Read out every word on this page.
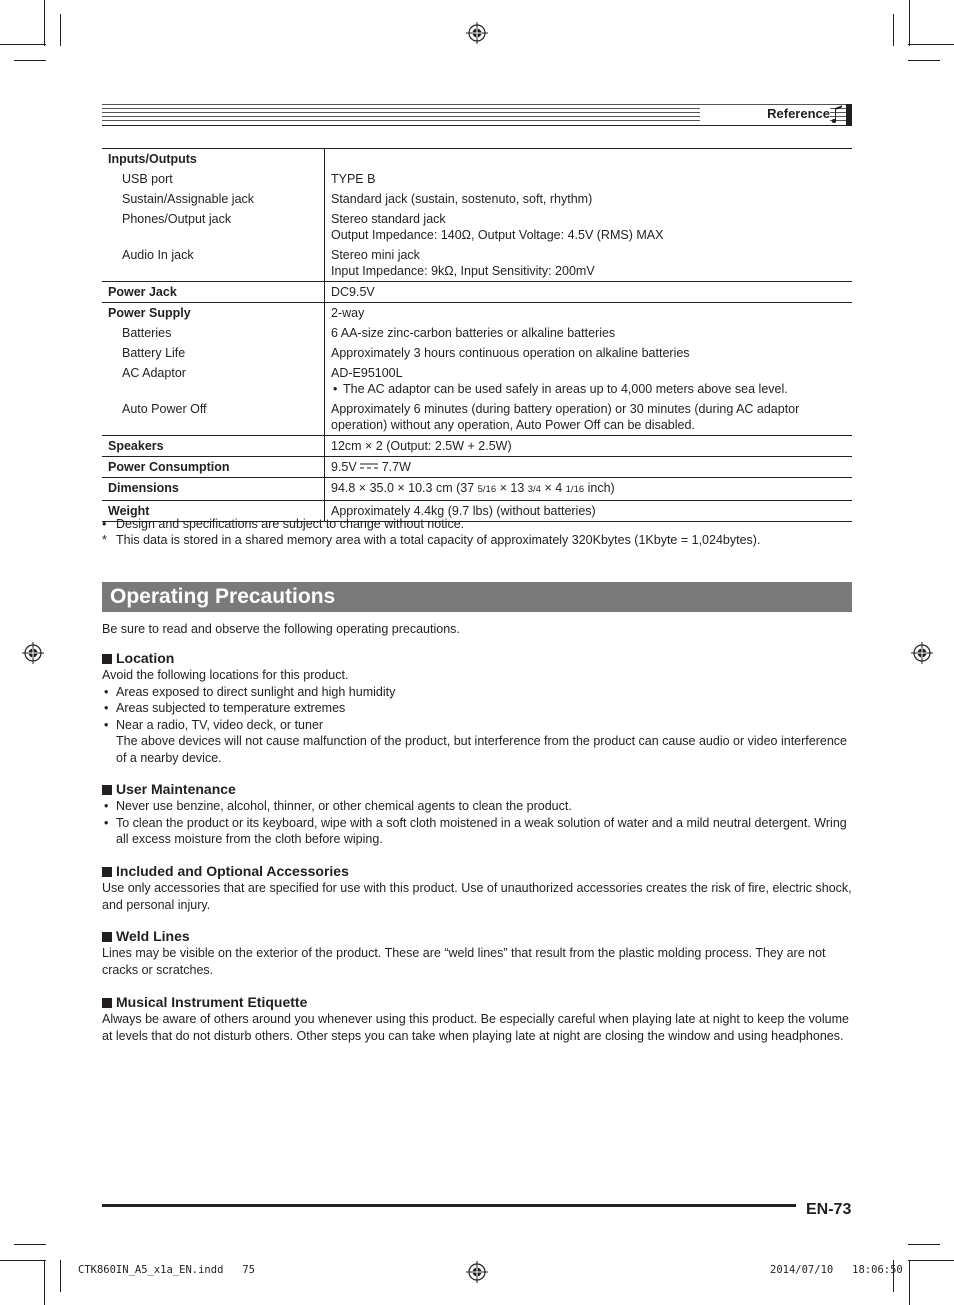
Reference
Inputs/Outputs	
USB port	TYPE B
Sustain/Assignable jack	Standard jack (sustain, sostenuto, soft, rhythm)
Phones/Output jack	Stereo standard jack
Output Impedance: 140Ω, Output Voltage: 4.5V (RMS) MAX

Audio In jack	Stereo mini jack
Input Impedance: 9kΩ, Input Sensitivity: 200mV

Power Jack	DC9.5V
Power Supply	2-way
Batteries	6 AA-size zinc-carbon batteries or alkaline batteries
Battery Life	Approximately 3 hours continuous operation on alkaline batteries
AC Adaptor	AD-E95100L
• The AC adaptor can be used safely in areas up to 4,000 meters above sea level.

Auto Power Off	Approximately 6 minutes (during battery operation) or 30 minutes (during AC adaptor operation) without any operation, Auto Power Off can be disabled.
Speakers	12cm × 2 (Output: 2.5W + 2.5W)
Power Consumption	9.5V 7.7W
Dimensions	94.8 × 35.0 × 10.3 cm (37 5/16 × 13 3/4 × 4 1/16 inch)
Weight	Approximately 4.4kg (9.7 lbs) (without batteries)
• Design and specifications are subject to change without notice.
* This data is stored in a shared memory area with a total capacity of approximately 320Kbytes (1Kbyte = 1,024bytes).
Operating Precautions
Be sure to read and observe the following operating precautions.
Location
Avoid the following locations for this product.
• Areas exposed to direct sunlight and high humidity
• Areas subjected to temperature extremes
• Near a radio, TV, video deck, or tuner
The above devices will not cause malfunction of the product, but interference from the product can cause audio or video interference of a nearby device.
User Maintenance
• Never use benzine, alcohol, thinner, or other chemical agents to clean the product.
• To clean the product or its keyboard, wipe with a soft cloth moistened in a weak solution of water and a mild neutral detergent. Wring all excess moisture from the cloth before wiping.
Included and Optional Accessories
Use only accessories that are specified for use with this product. Use of unauthorized accessories creates the risk of fire, electric shock, and personal injury.
Weld Lines
Lines may be visible on the exterior of the product. These are “weld lines” that result from the plastic molding process. They are not cracks or scratches.
Musical Instrument Etiquette
Always be aware of others around you whenever using this product. Be especially careful when playing late at night to keep the volume at levels that do not disturb others. Other steps you can take when playing late at night are closing the window and using headphones.
EN-73
CTK860IN_A5_x1a_EN.indd   75	2014/07/10   18:06:50
